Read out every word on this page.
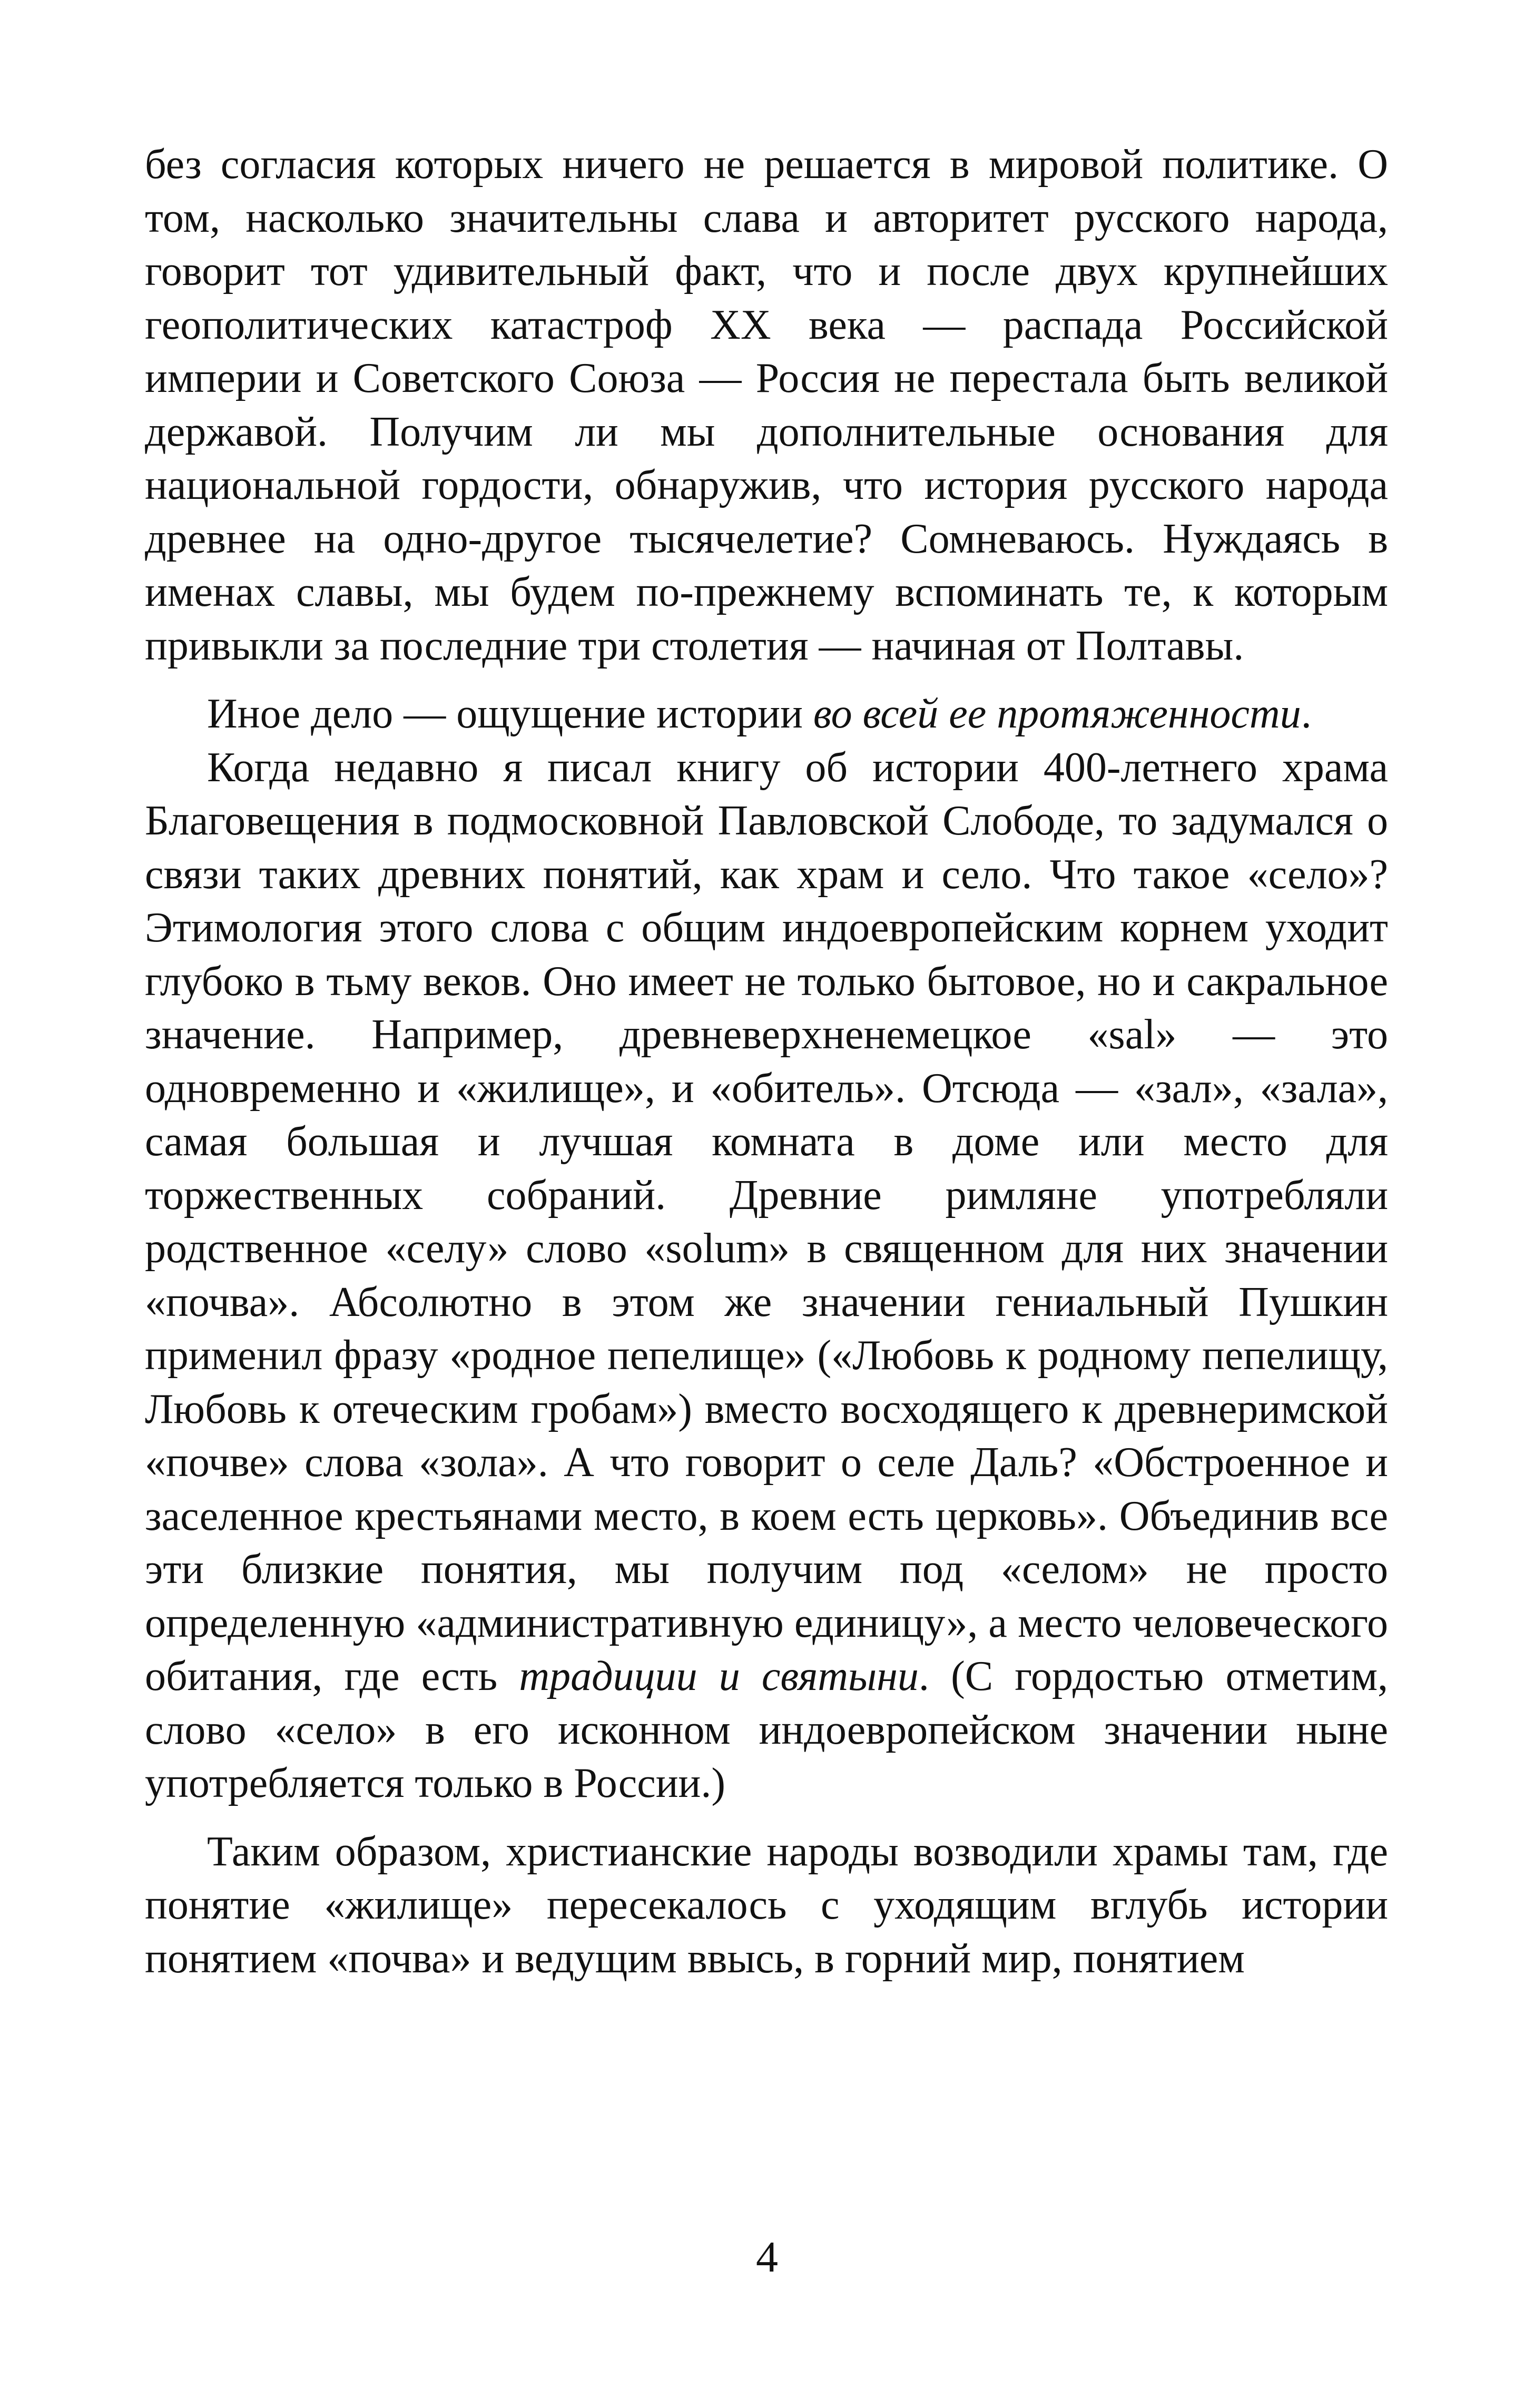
без согласия которых ничего не решается в мировой политике. О том, насколько значительны слава и авторитет русского народа, говорит тот удивительный факт, что и после двух крупнейших геополитических катастроф XX века — распада Российской империи и Советского Союза — Россия не перестала быть великой державой. Получим ли мы дополнительные основания для национальной гордости, обнаружив, что история русского народа древнее на одно-другое тысячелетие? Сомневаюсь. Нуждаясь в именах славы, мы будем по-прежнему вспоминать те, к которым привыкли за последние три столетия — начиная от Полтавы.

Иное дело — ощущение истории во всей ее протяженности.

Когда недавно я писал книгу об истории 400-летнего храма Благовещения в подмосковной Павловской Слободе, то задумался о связи таких древних понятий, как храм и село. Что такое «село»? Этимология этого слова с общим индоевропейским корнем уходит глубоко в тьму веков. Оно имеет не только бытовое, но и сакральное значение. Например, древневерхненемецкое «sal» — это одновременно и «жилище», и «обитель». Отсюда — «зал», «зала», самая большая и лучшая комната в доме или место для торжественных собраний. Древние римляне употребляли родственное «селу» слово «solum» в священном для них значении «почва». Абсолютно в этом же значении гениальный Пушкин применил фразу «родное пепелище» («Любовь к родному пепелищу, Любовь к отеческим гробам») вместо восходящего к древнеримской «почве» слова «зола». А что говорит о селе Даль? «Обстроенное и заселенное крестьянами место, в коем есть церковь». Объединив все эти близкие понятия, мы получим под «селом» не просто определенную «административную единицу», а место человеческого обитания, где есть традиции и святыни. (С гордостью отметим, слово «село» в его исконном индоевропейском значении ныне употребляется только в России.)

Таким образом, христианские народы возводили храмы там, где понятие «жилище» пересекалось с уходящим вглубь истории понятием «почва» и ведущим ввысь, в горний мир, понятием

4
